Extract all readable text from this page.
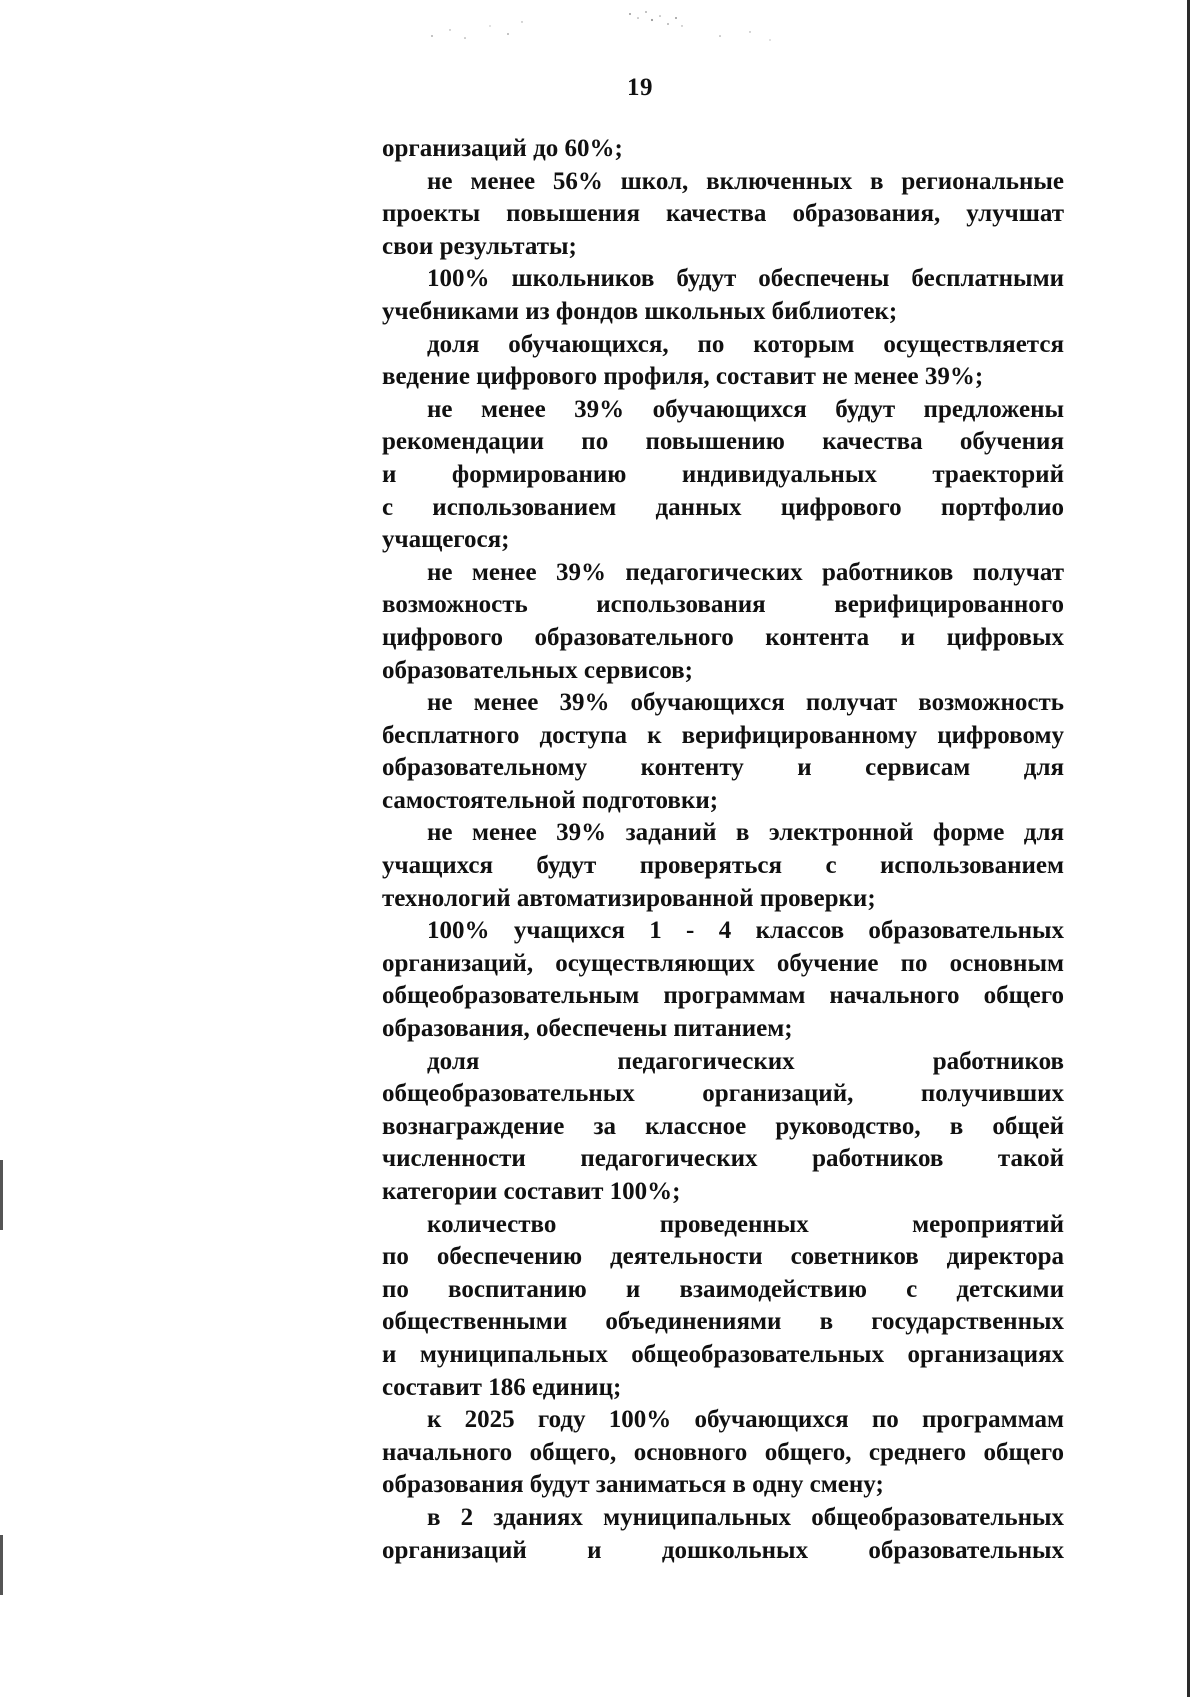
19
организаций до 60%;
не менее 56% школ, включенных в региональные
проекты повышения качества образования, улучшат
свои результаты;
100% школьников будут обеспечены бесплатными
учебниками из фондов школьных библиотек;
доля обучающихся, по которым осуществляется
ведение цифрового профиля, составит не менее 39%;
не менее 39% обучающихся будут предложены
рекомендации по повышению качества обучения
и формированию индивидуальных траекторий
с использованием данных цифрового портфолио
учащегося;
не менее 39% педагогических работников получат
возможность использования верифицированного
цифрового образовательного контента и цифровых
образовательных сервисов;
не менее 39% обучающихся получат возможность
бесплатного доступа к верифицированному цифровому
образовательному контенту и сервисам для
самостоятельной подготовки;
не менее 39% заданий в электронной форме для
учащихся будут проверяться с использованием
технологий автоматизированной проверки;
100% учащихся 1 - 4 классов образовательных
организаций, осуществляющих обучение по основным
общеобразовательным программам начального общего
образования, обеспечены питанием;
доля педагогических работников
общеобразовательных организаций, получивших
вознаграждение за классное руководство, в общей
численности педагогических работников такой
категории составит 100%;
количество проведенных мероприятий
по обеспечению деятельности советников директора
по воспитанию и взаимодействию с детскими
общественными объединениями в государственных
и муниципальных общеобразовательных организациях
составит 186 единиц;
к 2025 году 100% обучающихся по программам
начального общего, основного общего, среднего общего
образования будут заниматься в одну смену;
в 2 зданиях муниципальных общеобразовательных
организаций и дошкольных образовательных
